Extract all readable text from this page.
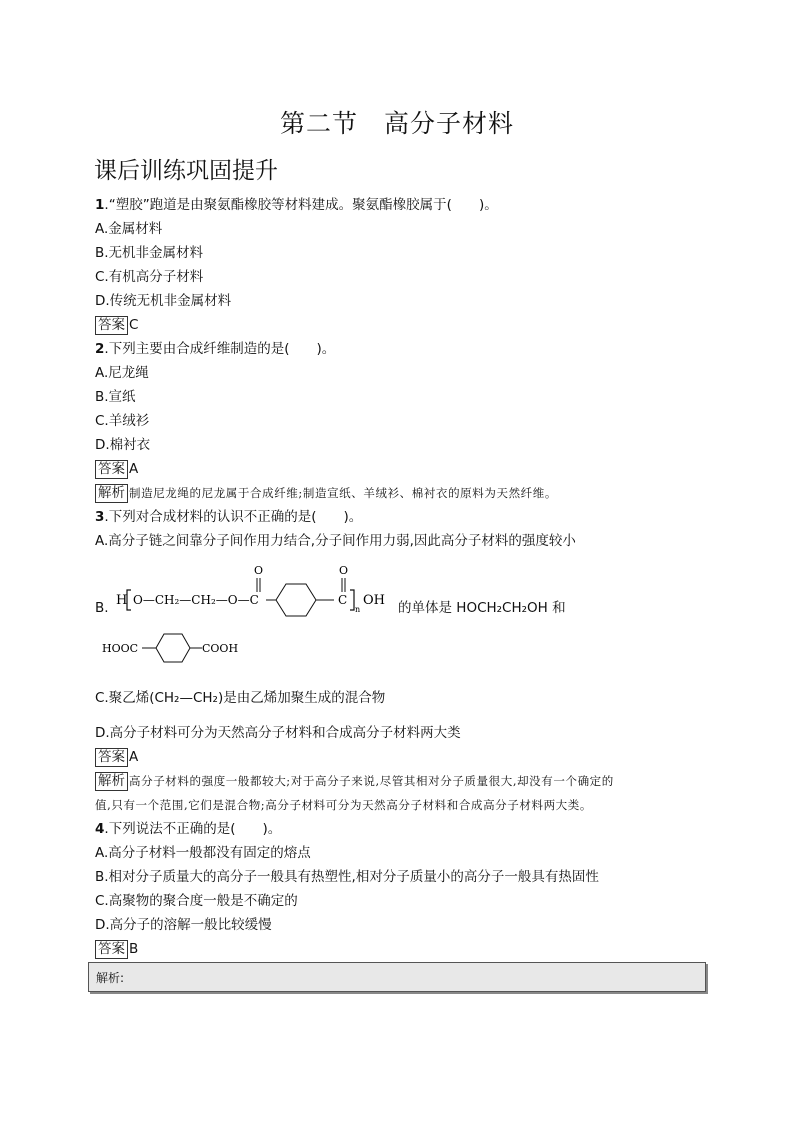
第二节　高分子材料
课后训练巩固提升
1.“塑胶”跑道是由聚氨酯橡胶等材料建成。聚氨酯橡胶属于(　　)。
A.金属材料
B.无机非金属材料
C.有机高分子材料
D.传统无机非金属材料
答案 C
2.下列主要由合成纤维制造的是(　　)。
A.尼龙绳
B.宣纸
C.羊绒衫
D.棉衬衣
答案 A
解析 制造尼龙绳的尼龙属于合成纤维;制造宣纸、羊绒衫、棉衬衣的原料为天然纤维。
3.下列对合成材料的认识不正确的是(　　)。
A.高分子链之间靠分子间作用力结合,分子间作用力弱,因此高分子材料的强度较小
B. H O—CH₂—CH₂—O—C
O
C
O
n
OH 的单体是 HOCH₂CH₂OH 和
HOOC	COOH
C.聚乙烯(CH₂—CH₂)是由乙烯加聚生成的混合物
D.高分子材料可分为天然高分子材料和合成高分子材料两大类
答案 A
解析 高分子材料的强度一般都较大;对于高分子来说,尽管其相对分子质量很大,却没有一个确定的
值,只有一个范围,它们是混合物;高分子材料可分为天然高分子材料和合成高分子材料两大类。
4.下列说法不正确的是(　　)。
A.高分子材料一般都没有固定的熔点
B.相对分子质量大的高分子一般具有热塑性,相对分子质量小的高分子一般具有热固性
C.高聚物的聚合度一般是不确定的
D.高分子的溶解一般比较缓慢
答案 B
解析:
